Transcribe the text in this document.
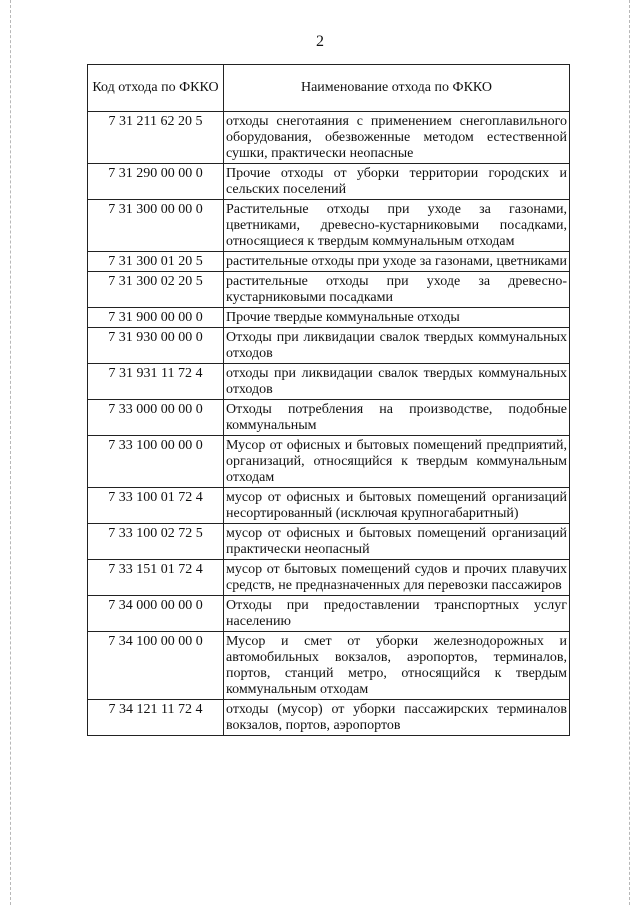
2
Код отхода по ФККО	Наименование отхода по ФККО
7 31 211 62 20 5	отходы снеготаяния с применением снегоплавильного оборудования, обезвоженные методом естественной сушки, практически неопасные
7 31 290 00 00 0	Прочие отходы от уборки территории городских и сельских поселений
7 31 300 00 00 0	Растительные отходы при уходе за газонами, цветниками, древесно-кустарниковыми посадками, относящиеся к твердым коммунальным отходам
7 31 300 01 20 5	растительные отходы при уходе за газонами, цветниками
7 31 300 02 20 5	растительные отходы при уходе за древесно-кустарниковыми посадками
7 31 900 00 00 0	Прочие твердые коммунальные отходы
7 31 930 00 00 0	Отходы при ликвидации свалок твердых коммунальных отходов
7 31 931 11 72 4	отходы при ликвидации свалок твердых коммунальных отходов
7 33 000 00 00 0	Отходы потребления на производстве, подобные коммунальным
7 33 100 00 00 0	Мусор от офисных и бытовых помещений предприятий, организаций, относящийся к твердым коммунальным отходам
7 33 100 01 72 4	мусор от офисных и бытовых помещений организаций несортированный (исключая крупногабаритный)
7 33 100 02 72 5	мусор от офисных и бытовых помещений организаций практически неопасный
7 33 151 01 72 4	мусор от бытовых помещений судов и прочих плавучих средств, не предназначенных для перевозки пассажиров
7 34 000 00 00 0	Отходы при предоставлении транспортных услуг населению
7 34 100 00 00 0	Мусор и смет от уборки железнодорожных и автомобильных вокзалов, аэропортов, терминалов, портов, станций метро, относящийся к твердым коммунальным отходам
7 34 121 11 72 4	отходы (мусор) от уборки пассажирских терминалов вокзалов, портов, аэропортов
